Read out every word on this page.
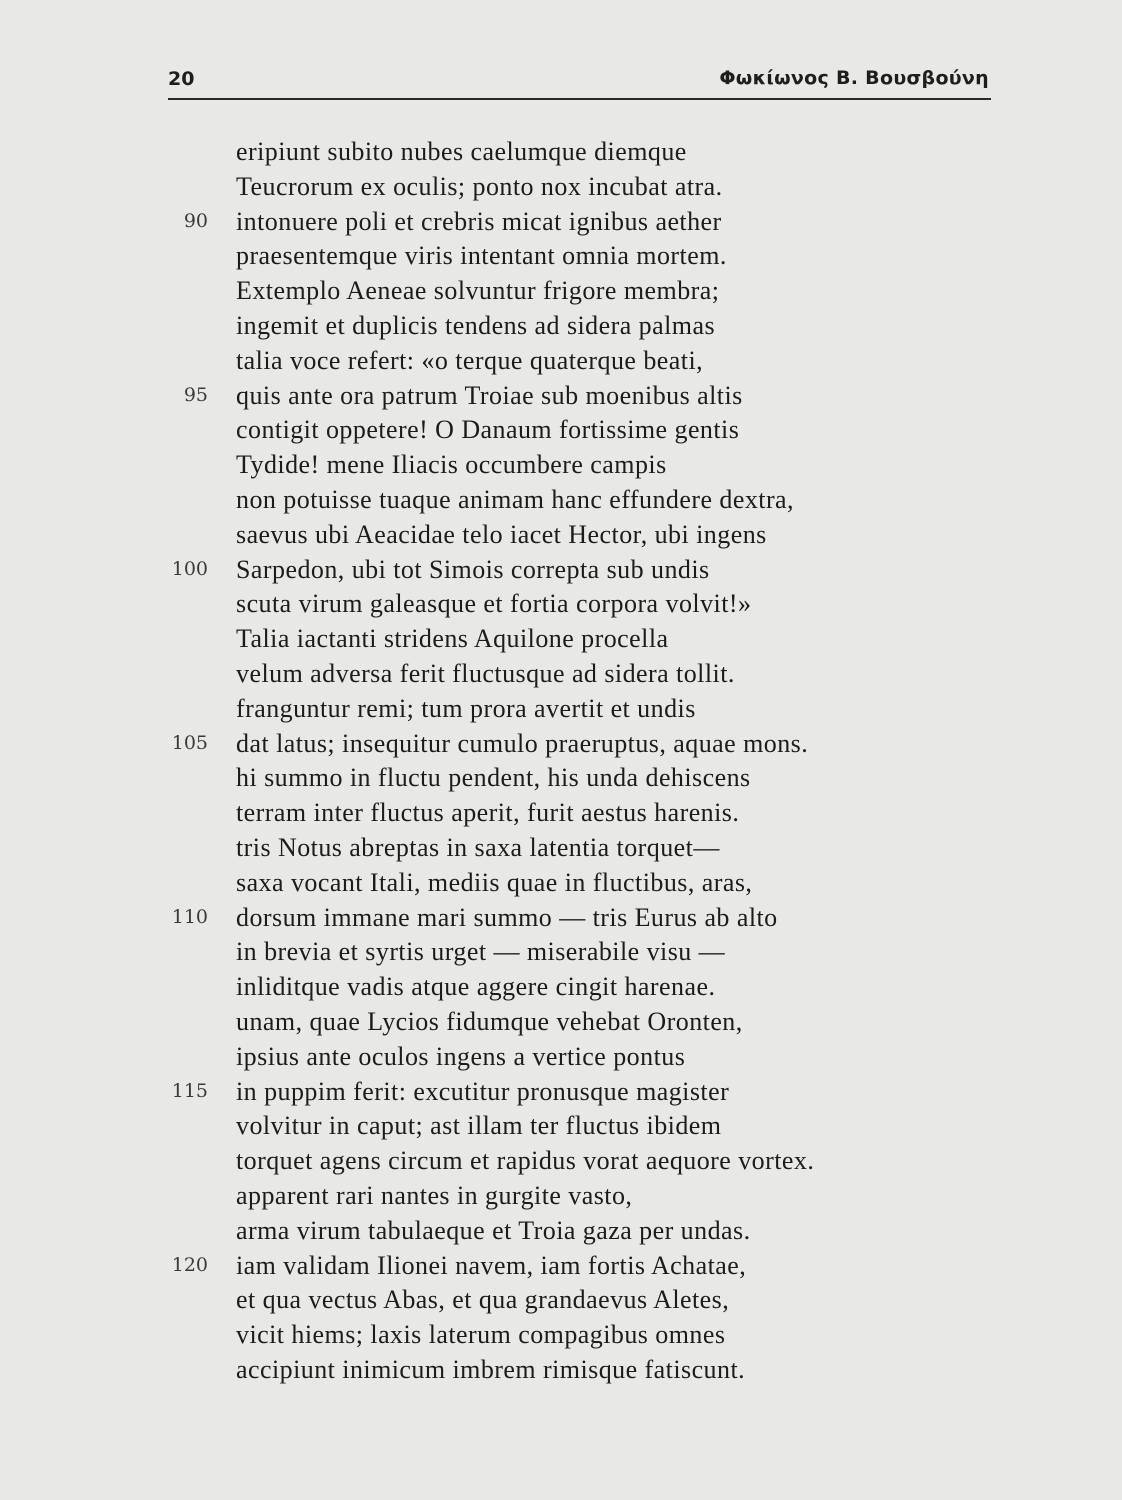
20	Φωκίωνος Β. Βουσβούνη
eripiunt subito nubes caelumque diemque
Teucrorum ex oculis; ponto nox incubat atra.
90 intonuere poli et crebris micat ignibus aether
praesentemque viris intentant omnia mortem.
Extemplo Aeneae solvuntur frigore membra;
ingemit et duplicis tendens ad sidera palmas
talia voce refert: «o terque quaterque beati,
95 quis ante ora patrum Troiae sub moenibus altis
contigit oppetere! O Danaum fortissime gentis
Tydide! mene Iliacis occumbere campis
non potuisse tuaque animam hanc effundere dextra,
saevus ubi Aeacidae telo iacet Hector, ubi ingens
100 Sarpedon, ubi tot Simois correpta sub undis
scuta virum galeasque et fortia corpora volvit!»
Talia iactanti stridens Aquilone procella
velum adversa ferit fluctusque ad sidera tollit.
franguntur remi; tum prora avertit et undis
105 dat latus; insequitur cumulo praeruptus, aquae mons.
hi summo in fluctu pendent, his unda dehiscens
terram inter fluctus aperit, furit aestus harenis.
tris Notus abreptas in saxa latentia torquet—
saxa vocant Itali, mediis quae in fluctibus, aras,
110 dorsum immane mari summo — tris Eurus ab alto
in brevia et syrtis urget — miserabile visu —
inliditque vadis atque aggere cingit harenae.
unam, quae Lycios fidumque vehebat Oronten,
ipsius ante oculos ingens a vertice pontus
115 in puppim ferit: excutitur pronusque magister
volvitur in caput; ast illam ter fluctus ibidem
torquet agens circum et rapidus vorat aequore vortex.
apparent rari nantes in gurgite vasto,
arma virum tabulaeque et Troia gaza per undas.
120 iam validam Ilionei navem, iam fortis Achatae,
et qua vectus Abas, et qua grandaevus Aletes,
vicit hiems; laxis laterum compagibus omnes
accipiunt inimicum imbrem rimisque fatiscunt.
